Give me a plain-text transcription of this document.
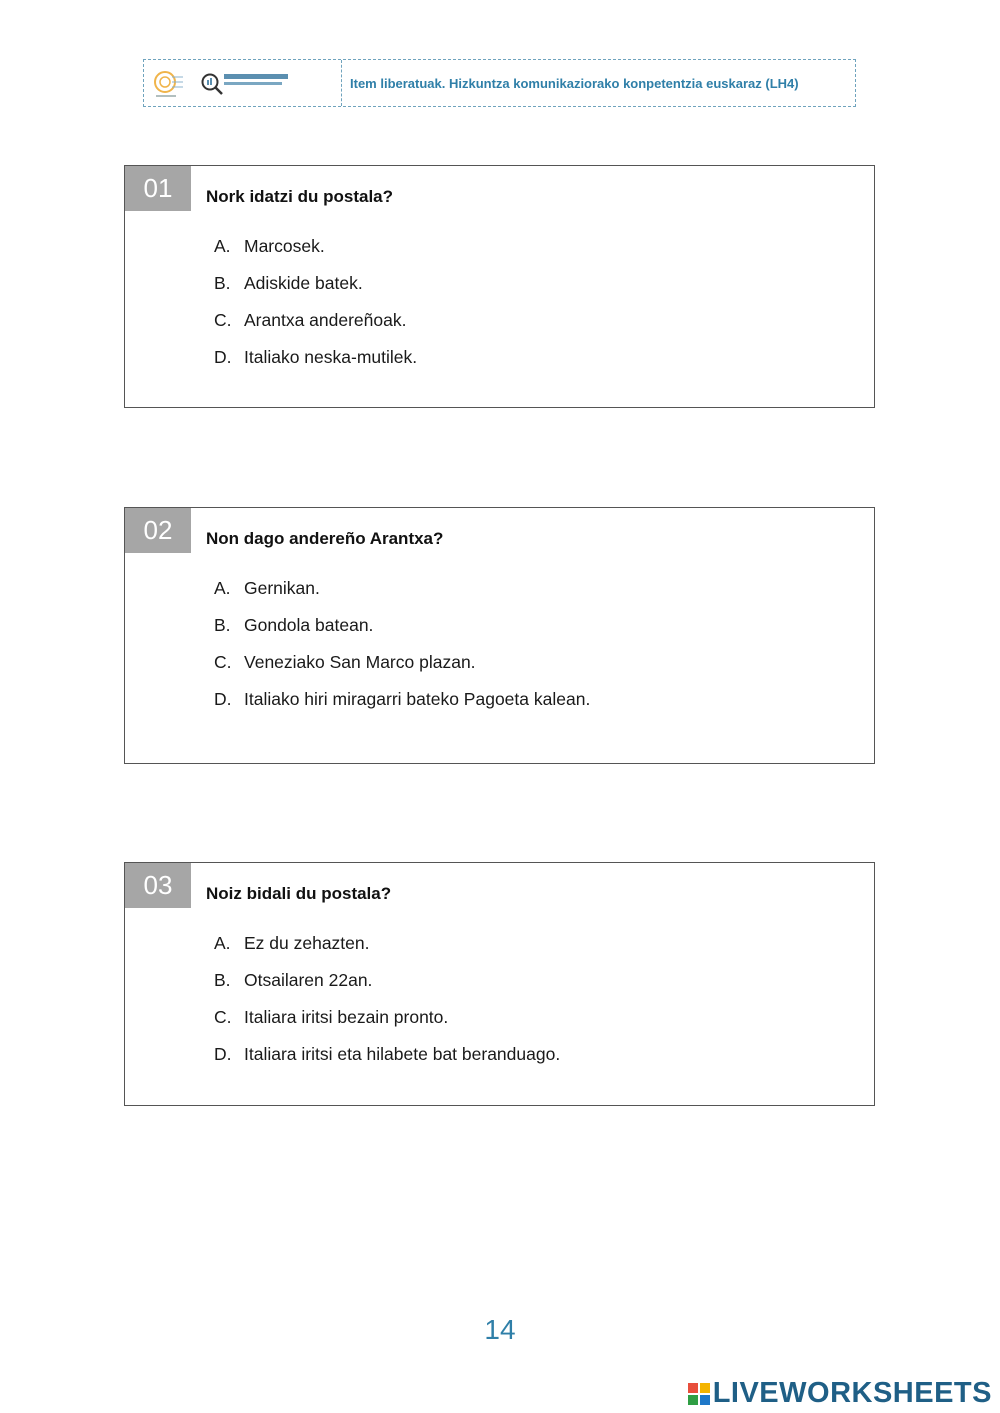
Item liberatuak. Hizkuntza komunikaziorako konpetentzia euskaraz (LH4)
01	Nork idatzi du postala?
A. Marcosek.
B. Adiskide batek.
C. Arantxa andereñoak.
D. Italiako neska-mutilek.
02	Non dago andereño Arantxa?
A. Gernikan.
B. Gondola batean.
C. Veneziako San Marco plazan.
D. Italiako hiri miragarri bateko Pagoeta kalean.
03	Noiz bidali du postala?
A. Ez du zehazten.
B. Otsailaren 22an.
C. Italiara iritsi bezain pronto.
D. Italiara iritsi eta hilabete bat beranduago.
14
LIVEWORKSHEETS
